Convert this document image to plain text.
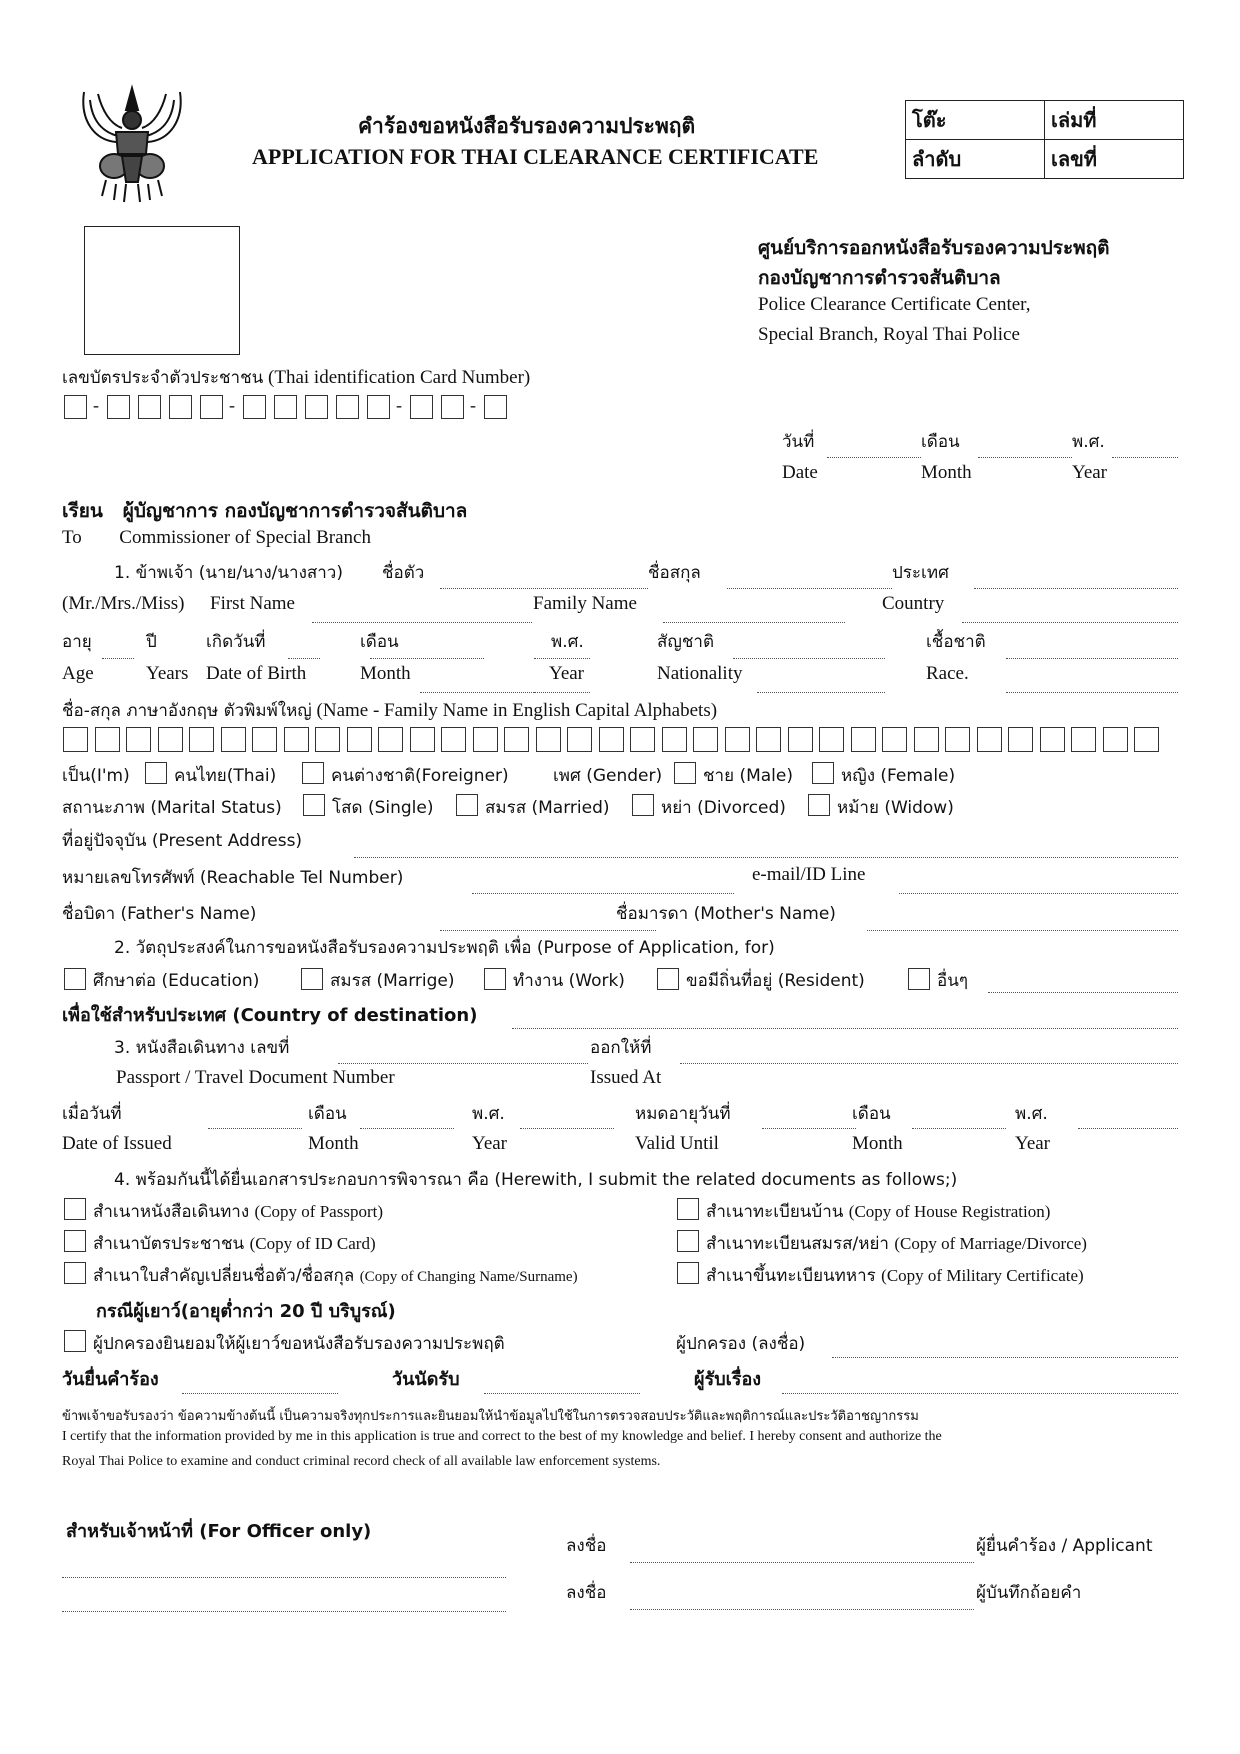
คำร้องขอหนังสือรับรองความประพฤติ
APPLICATION FOR THAI CLEARANCE CERTIFICATE
โต๊ะ	เล่มที่
ลำดับ	เลขที่
ศูนย์บริการออกหนังสือรับรองความประพฤติ
กองบัญชาการตำรวจสันติบาล
Police Clearance Certificate Center,
Special Branch, Royal Thai Police
เลขบัตรประจำตัวประชาชน (Thai identification Card Number)
-	-	-	-
วันที่	เดือน	พ.ศ.
Date	Month	Year
เรียน ผู้บัญชาการ กองบัญชาการตำรวจสันติบาล
To Commissioner of Special Branch
1. ข้าพเจ้า (นาย/นาง/นางสาว) ชื่อตัว	ชื่อสกุล	ประเทศ
(Mr./Mrs./Miss) First Name	Family Name	Country
อายุ	ปี	เกิดวันที่	เดือน	พ.ศ.	สัญชาติ	เชื้อชาติ
Age	Years Date of Birth	Month	Year	Nationality	Race.
ชื่อ-สกุล ภาษาอังกฤษ ตัวพิมพ์ใหญ่ (Name - Family Name in English Capital Alphabets)
เป็น(I'm)	คนไทย(Thai)	คนต่างชาติ(Foreigner)	เพศ (Gender) ชาย (Male)	หญิง (Female)
สถานะภาพ (Marital Status)	โสด (Single)	สมรส (Married)	หย่า (Divorced)	หม้าย (Widow)
ที่อยู่ปัจจุบัน (Present Address)
หมายเลขโทรศัพท์ (Reachable Tel Number)	e-mail/ID Line
ชื่อบิดา (Father's Name)	ชื่อมารดา (Mother's Name)
2. วัตถุประสงค์ในการขอหนังสือรับรองความประพฤติ เพื่อ (Purpose of Application, for)
ศึกษาต่อ (Education)	สมรส (Marrige)	ทำงาน (Work)	ขอมีถิ่นที่อยู่ (Resident)	อื่นๆ
เพื่อใช้สำหรับประเทศ (Country of destination)
3. หนังสือเดินทาง เลขที่	ออกให้ที่
Passport / Travel Document Number	Issued At
เมื่อวันที่	เดือน	พ.ศ.	หมดอายุวันที่	เดือน	พ.ศ.
Date of Issued	Month	Year	Valid Until	Month	Year
4. พร้อมกันนี้ได้ยื่นเอกสารประกอบการพิจารณา คือ (Herewith, I submit the related documents as follows;)
สำเนาหนังสือเดินทาง (Copy of Passport)
สำเนาบัตรประชาชน (Copy of ID Card)
สำเนาใบสำคัญเปลี่ยนชื่อตัว/ชื่อสกุล (Copy of Changing Name/Surname)
สำเนาทะเบียนบ้าน (Copy of House Registration)
สำเนาทะเบียนสมรส/หย่า (Copy of Marriage/Divorce)
สำเนาขึ้นทะเบียนทหาร (Copy of Military Certificate)
กรณีผู้เยาว์(อายุต่ำกว่า 20 ปี บริบูรณ์)
ผู้ปกครองยินยอมให้ผู้เยาว์ขอหนังสือรับรองความประพฤติ	ผู้ปกครอง (ลงชื่อ)
วันยื่นคำร้อง	วันนัดรับ	ผู้รับเรื่อง
ข้าพเจ้าขอรับรองว่า ข้อความข้างต้นนี้ เป็นความจริงทุกประการและยินยอมให้นำข้อมูลไปใช้ในการตรวจสอบประวัติและพฤติการณ์และประวัติอาชญากรรม
I certify that the information provided by me in this application is true and correct to the best of my knowledge and belief. I hereby consent and authorize the
Royal Thai Police to examine and conduct criminal record check of all available law enforcement systems.
สำหรับเจ้าหน้าที่ (For Officer only)
ลงชื่อ	ผู้ยื่นคำร้อง / Applicant
ลงชื่อ	ผู้บันทึกถ้อยคำ
